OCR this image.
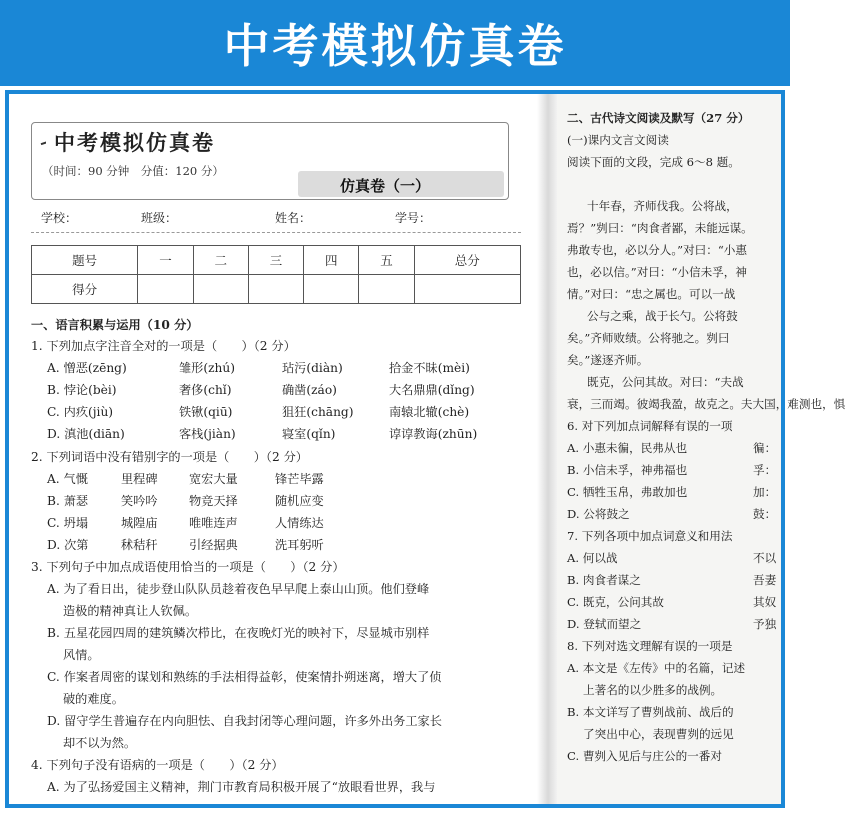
中考模拟仿真卷
中考模拟仿真卷
（时间：90 分钟　分值：120 分）
仿真卷（一）
学校：	班级：	姓名：	学号：
题号	一	二	三	四	五	总分
得分						
一、语言积累与运用（10 分）
1. 下列加点字注音全对的一项是（　　）（2 分）
A. 憎恶(zēng)	雏形(zhú)	玷污(diàn)	拾金不昧(mèi)
B. 悖论(bèi)	奢侈(chǐ)	确凿(záo)	大名鼎鼎(dǐng)
C. 内疚(jiù)	铁锹(qiū)	狙狂(chāng)	南辕北辙(chè)
D. 滇池(diān)	客栈(jiàn)	寝室(qǐn)	谆谆教诲(zhūn)
2. 下列词语中没有错别字的一项是（　　）（2 分）
A. 气慨	里程碑	宽宏大量	锋芒毕露
B. 萧瑟	笑吟吟	物竞天择	随机应变
C. 坍塌	城隍庙	唯唯连声	人情练达
D. 次第	秫秸秆	引经据典	洗耳躬听
3. 下列句子中加点成语使用恰当的一项是（　　）（2 分）
A. 为了看日出，徒步登山队队员趁着夜色早早爬上泰山山顶。他们登峰
造极的精神真让人钦佩。
B. 五星花园四周的建筑鳞次栉比，在夜晚灯光的映衬下，尽显城市别样
风情。
C. 作案者周密的谋划和熟练的手法相得益彰，使案情扑朔迷离，增大了侦
破的难度。
D. 留守学生普遍存在内向胆怯、自我封闭等心理问题，许多外出务工家长
却不以为然。
4. 下列句子没有语病的一项是（　　）（2 分）
A. 为了弘扬爱国主义精神，荆门市教育局积极开展了“放眼看世界，我与
二、古代诗文阅读及默写（27 分）
(一)课内文言文阅读
阅读下面的文段，完成 6～8 题。
十年春，齐师伐我。公将战，
焉？”刿曰：“肉食者鄙，未能远谋。
弗敢专也，必以分人。”对曰：“小惠
也，必以信。”对曰：“小信未孚，神
情。”对曰：“忠之属也。可以一战
公与之乘，战于长勺。公将鼓
矣。”齐师败绩。公将驰之。刿曰
矣。”遂逐齐师。
既克，公问其故。对曰：“夫战
衰，三而竭。彼竭我盈，故克之。夫大国，难测也，惧
6. 对下列加点词解释有误的一项
A. 小惠未徧，民弗从也	徧：
B. 小信未孚，神弗福也	孚：
C. 牺牲玉帛，弗敢加也	加：
D. 公将鼓之	鼓：
7. 下列各项中加点词意义和用法
A. 何以战	不以
B. 肉食者谋之	吾妻
C. 既克，公问其故	其奴
D. 登轼而望之	予独
8. 下列对选文理解有误的一项是
A. 本文是《左传》中的名篇，记述
上著名的以少胜多的战例。
B. 本文详写了曹刿战前、战后的
了突出中心，表现曹刿的远见
C. 曹刿入见后与庄公的一番对
